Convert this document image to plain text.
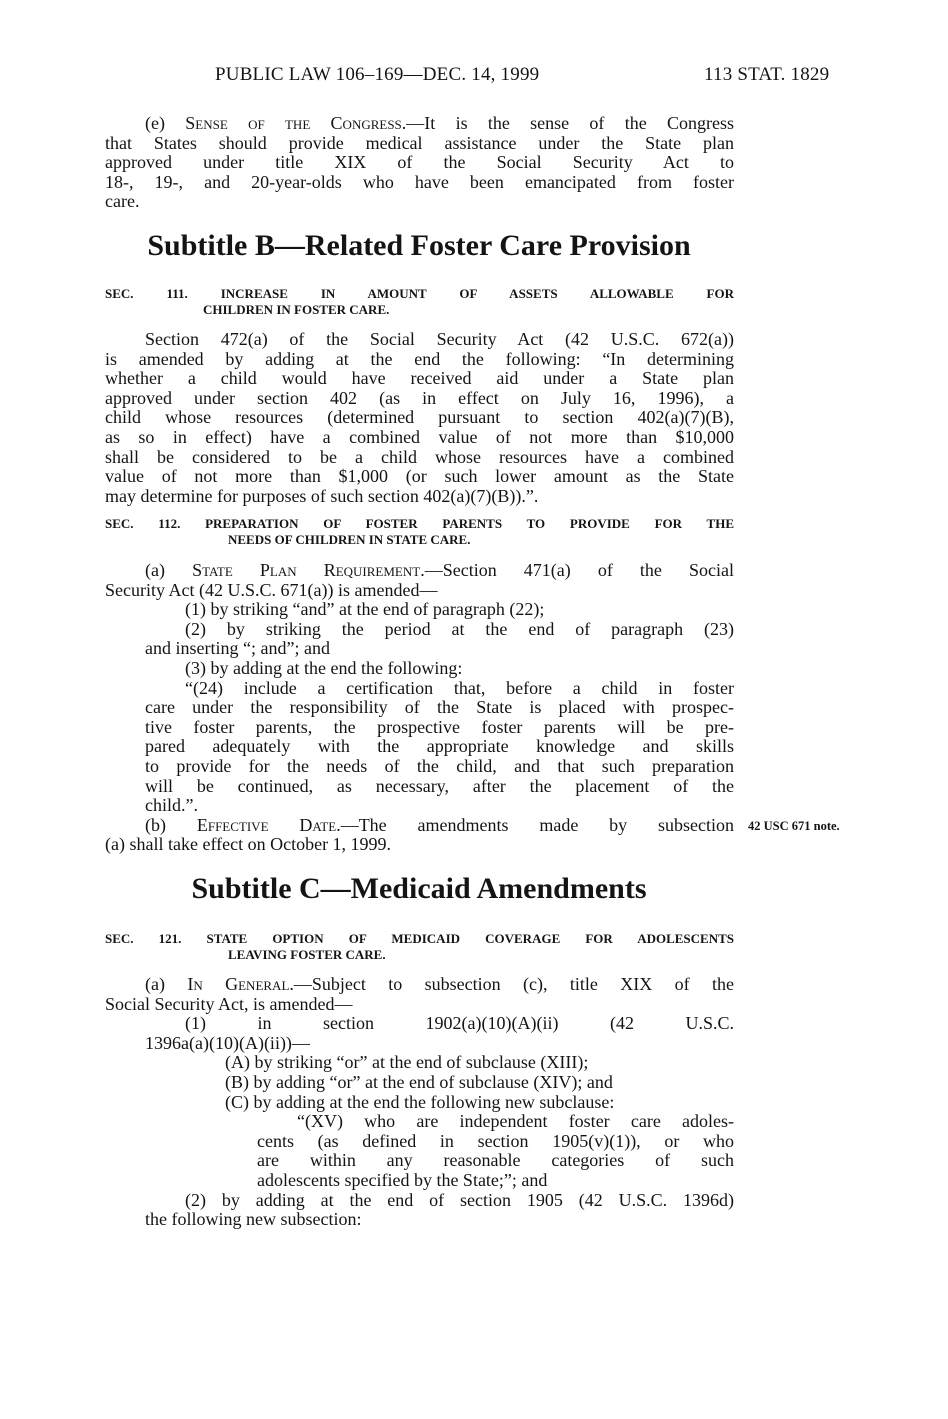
PUBLIC LAW 106–169—DEC. 14, 1999	113 STAT. 1829

(e) Sense of the Congress.—It is the sense of the Congress

that States should provide medical assistance under the State plan

approved under title XIX of the Social Security Act to

18-, 19-, and 20-year-olds who have been emancipated from foster

care.

Subtitle B—Related Foster Care Provision
SEC. 111. INCREASE IN AMOUNT OF ASSETS ALLOWABLE FOR
CHILDREN IN FOSTER CARE.

Section 472(a) of the Social Security Act (42 U.S.C. 672(a))

is amended by adding at the end the following: “In determining

whether a child would have received aid under a State plan

approved under section 402 (as in effect on July 16, 1996), a

child whose resources (determined pursuant to section 402(a)(7)(B),

as so in effect) have a combined value of not more than $10,000

shall be considered to be a child whose resources have a combined

value of not more than $1,000 (or such lower amount as the State

may determine for purposes of such section 402(a)(7)(B)).”.

SEC. 112. PREPARATION OF FOSTER PARENTS TO PROVIDE FOR THE
NEEDS OF CHILDREN IN STATE CARE.

(a) State Plan Requirement.—Section 471(a) of the Social

Security Act (42 U.S.C. 671(a)) is amended—

(1) by striking “and” at the end of paragraph (22);

(2) by striking the period at the end of paragraph (23)

and inserting “; and”; and

(3) by adding at the end the following:

“(24) include a certification that, before a child in foster

care under the responsibility of the State is placed with prospec-

tive foster parents, the prospective foster parents will be pre-

pared adequately with the appropriate knowledge and skills

to provide for the needs of the child, and that such preparation

will be continued, as necessary, after the placement of the

child.”.

(b) Effective Date.—The amendments made by subsection

(a) shall take effect on October 1, 1999.

42 USC 671 note.
Subtitle C—Medicaid Amendments
SEC. 121. STATE OPTION OF MEDICAID COVERAGE FOR ADOLESCENTS
LEAVING FOSTER CARE.

(a) In General.—Subject to subsection (c), title XIX of the

Social Security Act, is amended—

(1) in section 1902(a)(10)(A)(ii) (42 U.S.C.

1396a(a)(10)(A)(ii))—

(A) by striking “or” at the end of subclause (XIII);

(B) by adding “or” at the end of subclause (XIV); and

(C) by adding at the end the following new subclause:

“(XV) who are independent foster care adoles-

cents (as defined in section 1905(v)(1)), or who

are within any reasonable categories of such

adolescents specified by the State;”; and

(2) by adding at the end of section 1905 (42 U.S.C. 1396d)

the following new subsection:
